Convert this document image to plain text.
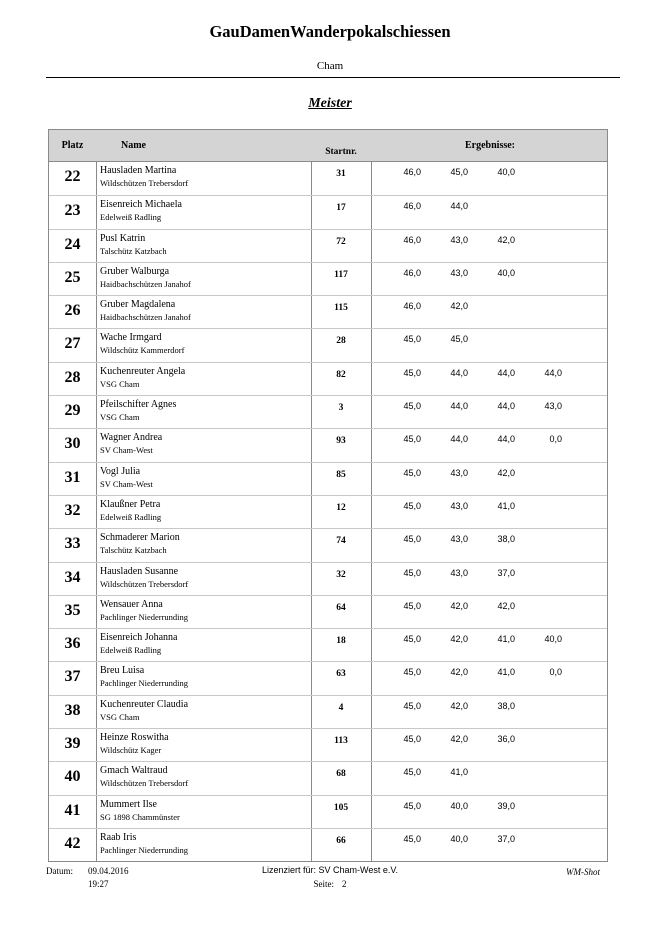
GauDamenWanderpokalschiessen
Cham
Meister
Platz	Name
Startnr.
Ergebnisse:
22	Hausladen Martina
Wildschützen Trebersdorf
31	46,0	45,0	40,0
23	Eisenreich Michaela
Edelweiß Radling
17	46,0	44,0
24	Pusl Katrin
Talschütz Katzbach
72	46,0	43,0	42,0
25	Gruber Walburga
Haidbachschützen Janahof
117	46,0	43,0	40,0
26	Gruber Magdalena
Haidbachschützen Janahof
115	46,0	42,0
27	Wache Irmgard
Wildschütz Kammerdorf
28	45,0	45,0
28	Kuchenreuter Angela
VSG Cham
82	45,0	44,0	44,0	44,0
29	Pfeilschifter Agnes
VSG Cham
3	45,0	44,0	44,0	43,0
30	Wagner Andrea
SV Cham-West
93	45,0	44,0	44,0	0,0
31	Vogl Julia
SV Cham-West
85	45,0	43,0	42,0
32	Klaußner Petra
Edelweiß Radling
12	45,0	43,0	41,0
33	Schmaderer Marion
Talschütz Katzbach
74	45,0	43,0	38,0
34	Hausladen Susanne
Wildschützen Trebersdorf
32	45,0	43,0	37,0
35	Wensauer Anna
Pachlinger Niederrunding
64	45,0	42,0	42,0
36	Eisenreich Johanna
Edelweiß Radling
18	45,0	42,0	41,0	40,0
37	Breu Luisa
Pachlinger Niederrunding
63	45,0	42,0	41,0	0,0
38	Kuchenreuter Claudia
VSG Cham
4	45,0	42,0	38,0
39	Heinze Roswitha
Wildschütz Kager
113	45,0	42,0	36,0
40	Gmach Waltraud
Wildschützen Trebersdorf
68	45,0	41,0
41	Mummert Ilse
SG 1898 Chammünster
105	45,0	40,0	39,0
42	Raab Iris
Pachlinger Niederrunding
66	45,0	40,0	37,0
Datum: 09.04.2016
19:27
Lizenziert für: SV Cham-West e.V.
Seite: 2
WM-Shot
